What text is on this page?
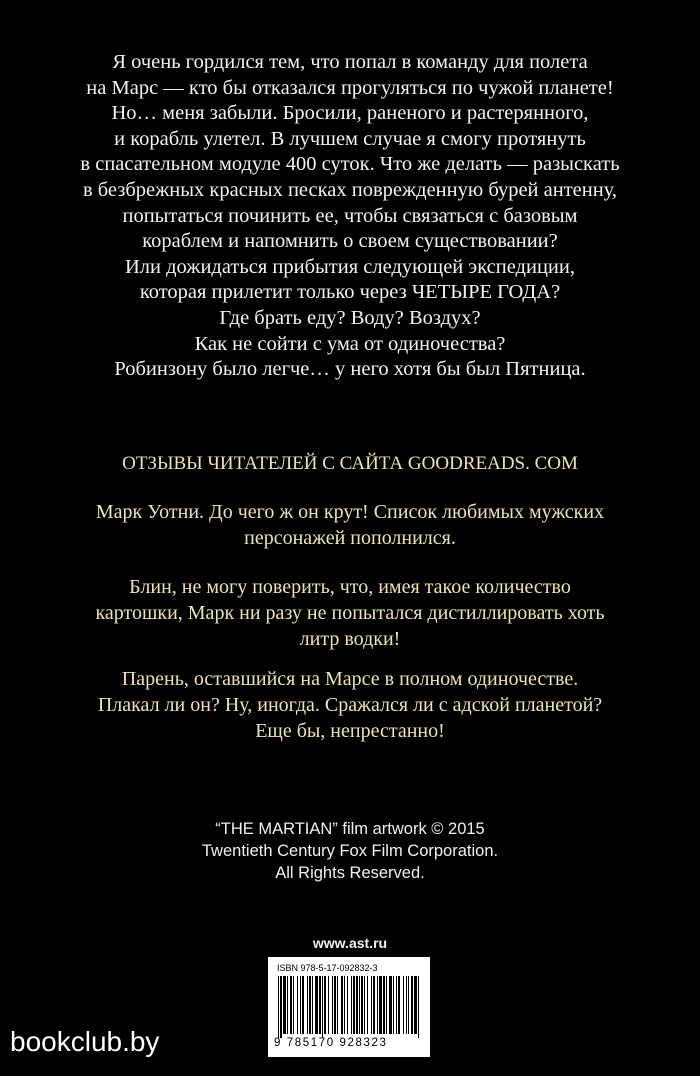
Я очень гордился тем, что попал в команду для полета
на Марс — кто бы отказался прогуляться по чужой планете!
Но… меня забыли. Бросили, раненого и растерянного,
и корабль улетел. В лучшем случае я смогу протянуть
в спасательном модуле 400 суток. Что же делать — разыскать
в безбрежных красных песках поврежденную бурей антенну,
попытаться починить ее, чтобы связаться с базовым
кораблем и напомнить о своем существовании?
Или дожидаться прибытия следующей экспедиции,
которая прилетит только через ЧЕТЫРЕ ГОДА?
Где брать еду? Воду? Воздух?
Как не сойти с ума от одиночества?
Робинзону было легче… у него хотя бы был Пятница.
ОТЗЫВЫ ЧИТАТЕЛЕЙ С САЙТА GOODREADS. COM
Марк Уотни. До чего ж он крут! Список любимых мужских
персонажей пополнился.
Блин, не могу поверить, что, имея такое количество
картошки, Марк ни разу не попытался дистиллировать хоть
литр водки!
Парень, оставшийся на Марсе в полном одиночестве.
Плакал ли он? Ну, иногда. Сражался ли с адской планетой?
Еще бы, непрестанно!
“THE MARTIAN” film artwork © 2015
Twentieth Century Fox Film Corporation.
All Rights Reserved.
www.ast.ru
ISBN 978-5-17-092832-3
9 785170 928323
bookclub.by
